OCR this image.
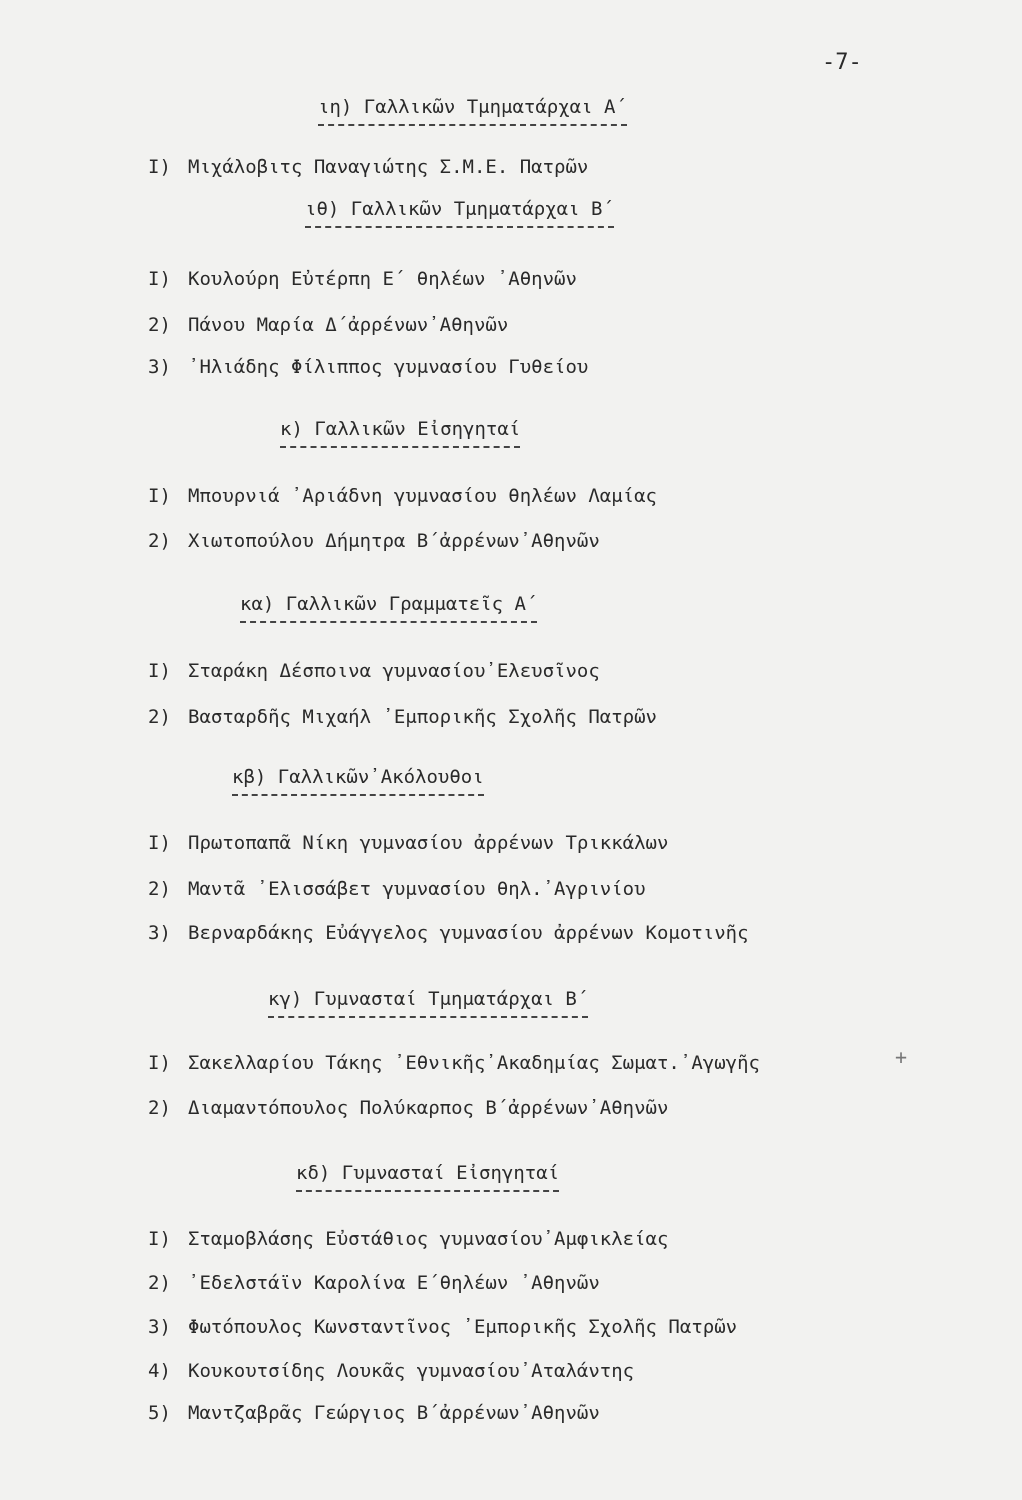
-7-
ιη) Γαλλικῶν Τμηματάρχαι Α΄
I) Μιχάλοβιτς Παναγιώτης Σ.Μ.Ε. Πατρῶν
ιθ) Γαλλικῶν Τμηματάρχαι Β΄
I) Κουλούρη Εὐτέρπη Ε΄ θηλέων ᾿Αθηνῶν
2) Πάνου Μαρία Δ΄ἀρρένων᾿Αθηνῶν
3) ᾿Ηλιάδης Φίλιππος γυμνασίου Γυθείου
κ) Γαλλικῶν Εἰσηγηταί
I) Μπουρνιά ᾿Αριάδνη γυμνασίου θηλέων Λαμίας
2) Χιωτοπούλου Δήμητρα Β΄ἀρρένων᾿Αθηνῶν
κα) Γαλλικῶν Γραμματεῖς Α΄
I) Σταράκη Δέσποινα γυμνασίου᾿Ελευσῖνος
2) Βασταρδῆς Μιχαήλ ᾿Εμπορικῆς Σχολῆς Πατρῶν
κβ) Γαλλικῶν᾿Ακόλουθοι
I) Πρωτοπαπᾶ Νίκη γυμνασίου ἀρρένων Τρικκάλων
2) Μαντᾶ ᾿Ελισσάβετ γυμνασίου θηλ.᾿Αγρινίου
3) Βερναρδάκης Εὐάγγελος γυμνασίου ἀρρένων Κομοτινῆς
κγ) Γυμνασταί Τμηματάρχαι Β΄
I) Σακελλαρίου Τάκης ᾿Εθνικῆς᾿Ακαδημίας Σωματ.᾿Αγωγῆς
2) Διαμαντόπουλος Πολύκαρπος Β΄ἀρρένων᾿Αθηνῶν
κδ) Γυμνασταί Εἰσηγηταί
I) Σταμοβλάσης Εὐστάθιος γυμνασίου᾿Αμφικλείας
2) ᾿Εδελστάϊν Καρολίνα Ε΄θηλέων ᾿Αθηνῶν
3) Φωτόπουλος Κωνσταντῖνος ᾿Εμπορικῆς Σχολῆς Πατρῶν
4) Κουκουτσίδης Λουκᾶς γυμνασίου᾿Αταλάντης
5) Μαντζαβρᾶς Γεώργιος Β΄ἀρρένων᾿Αθηνῶν
+
